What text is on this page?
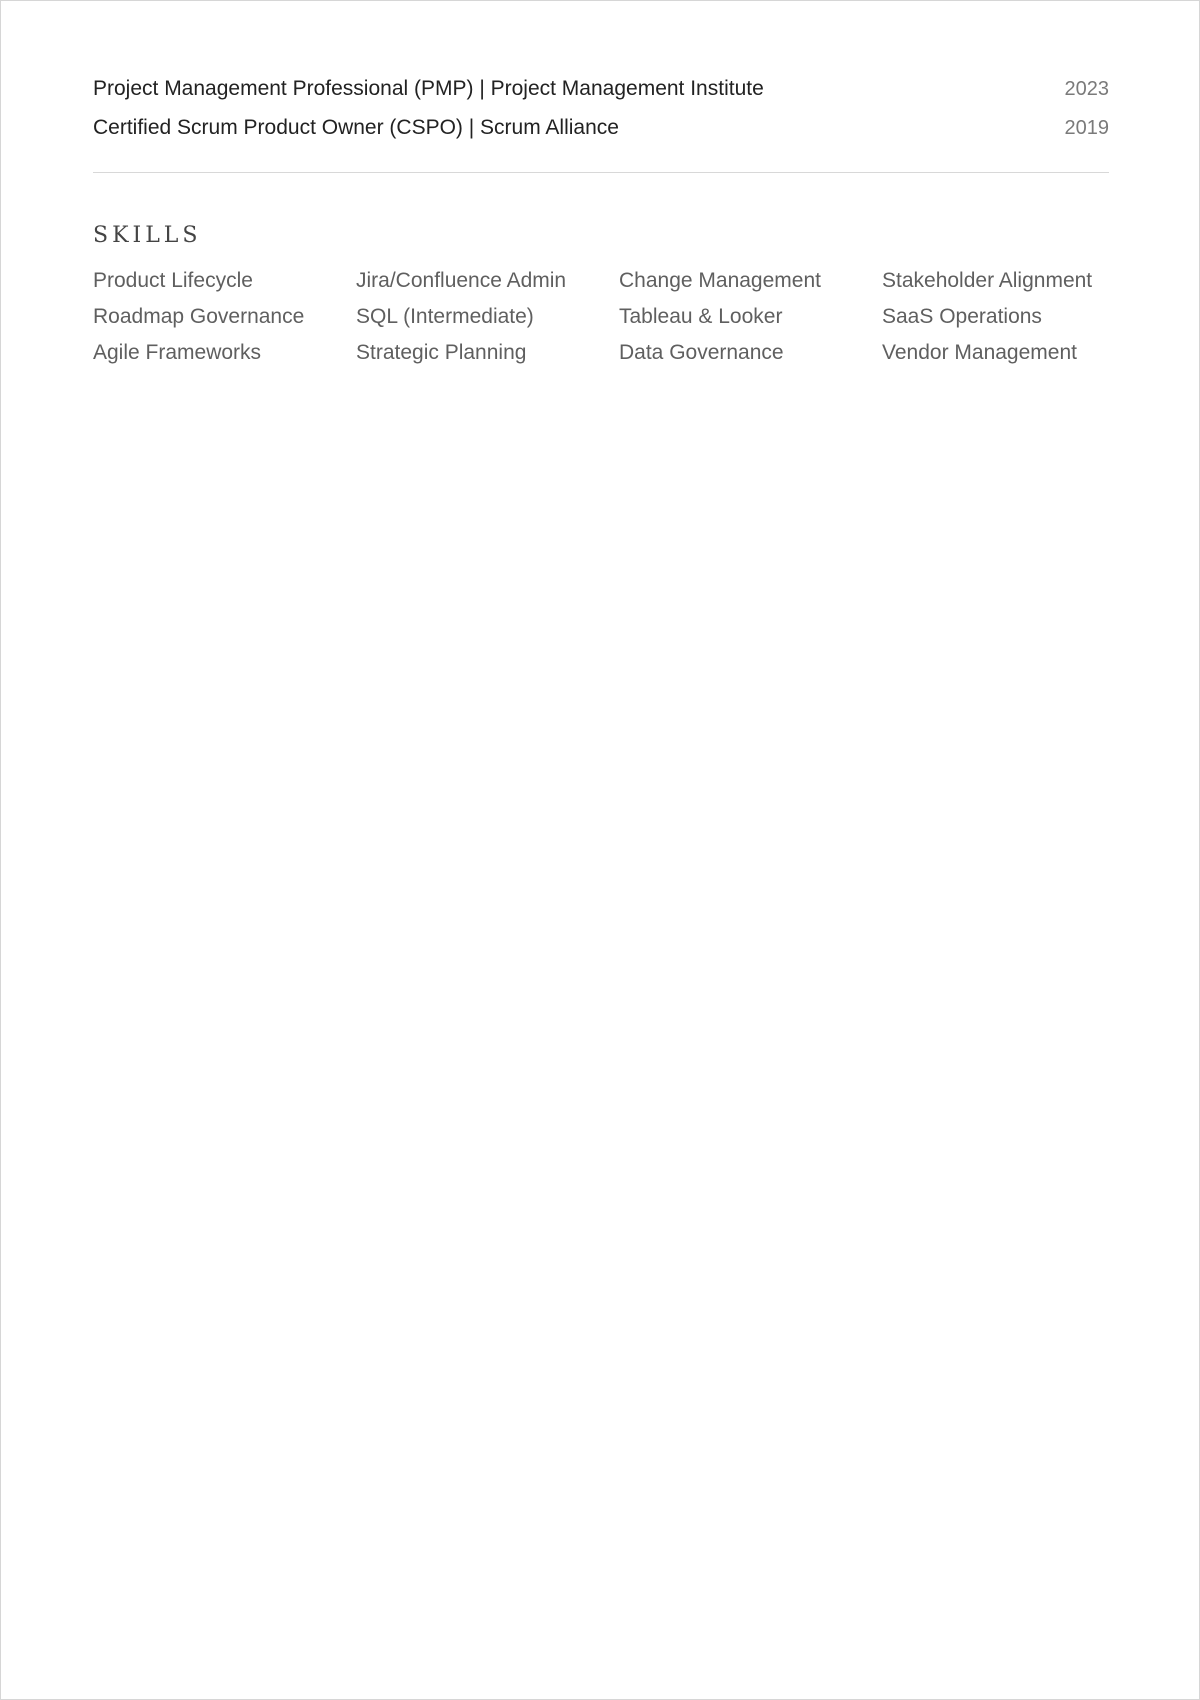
Project Management Professional (PMP) | Project Management Institute	2023
Certified Scrum Product Owner (CSPO) | Scrum Alliance	2019
SKILLS
Product Lifecycle	Jira/Confluence Admin	Change Management	Stakeholder Alignment
Roadmap Governance	SQL (Intermediate)	Tableau & Looker	SaaS Operations
Agile Frameworks	Strategic Planning	Data Governance	Vendor Management
